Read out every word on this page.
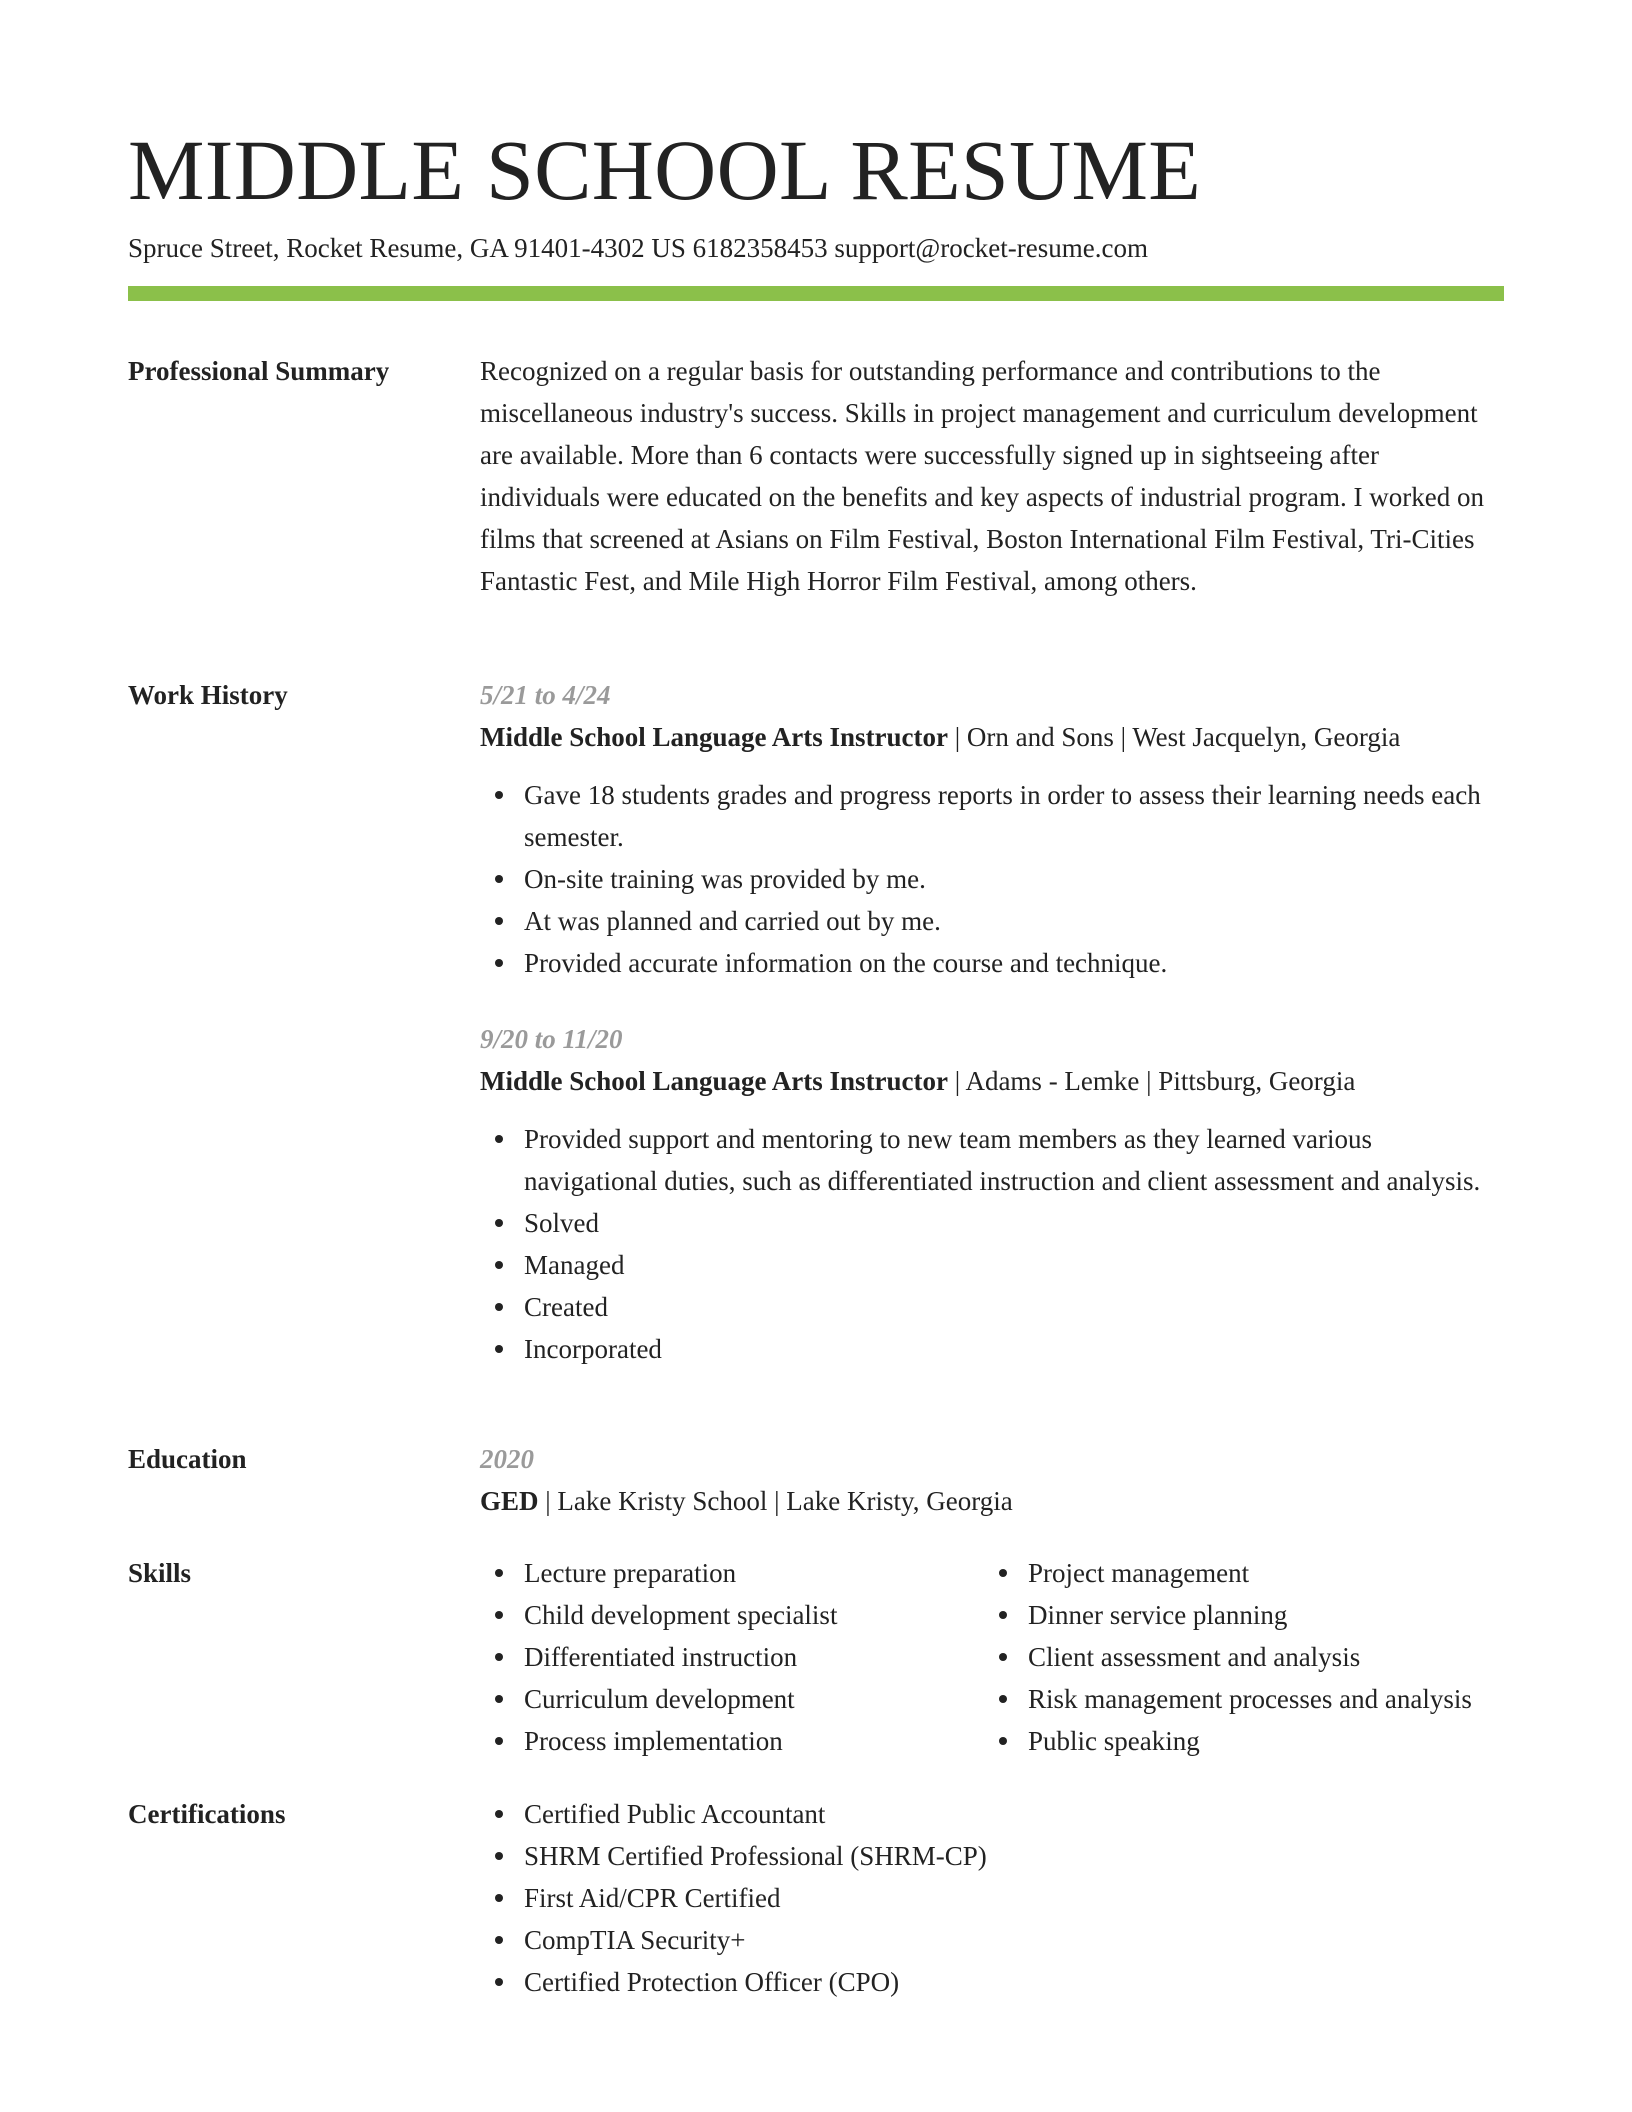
MIDDLE SCHOOL RESUME
Spruce Street, Rocket Resume, GA 91401-4302 US 6182358453 support@rocket-resume.com
Professional Summary	Recognized on a regular basis for outstanding performance and contributions to the miscellaneous industry's success. Skills in project management and curriculum development are available. More than 6 contacts were successfully signed up in sightseeing after individuals were educated on the benefits and key aspects of industrial program. I worked on films that screened at Asians on Film Festival, Boston International Film Festival, Tri-Cities Fantastic Fest, and Mile High Horror Film Festival, among others.

Work History	5/21 to 4/24
Middle School Language Arts Instructor | Orn and Sons | West Jacquelyn, Georgia
Gave 18 students grades and progress reports in order to assess their learning needs each semester.
On-site training was provided by me.
At was planned and carried out by me.
Provided accurate information on the course and technique.
9/20 to 11/20
Middle School Language Arts Instructor | Adams - Lemke | Pittsburg, Georgia
Provided support and mentoring to new team members as they learned various navigational duties, such as differentiated instruction and client assessment and analysis.
Solved
Managed
Created
Incorporated
Education	2020
GED | Lake Kristy School | Lake Kristy, Georgia
Skills	Lecture preparation
Child development specialist
Differentiated instruction
Curriculum development
Process implementation
Project management
Dinner service planning
Client assessment and analysis
Risk management processes and analysis
Public speaking
Certifications	Certified Public Accountant
SHRM Certified Professional (SHRM-CP)
First Aid/CPR Certified
CompTIA Security+
Certified Protection Officer (CPO)
